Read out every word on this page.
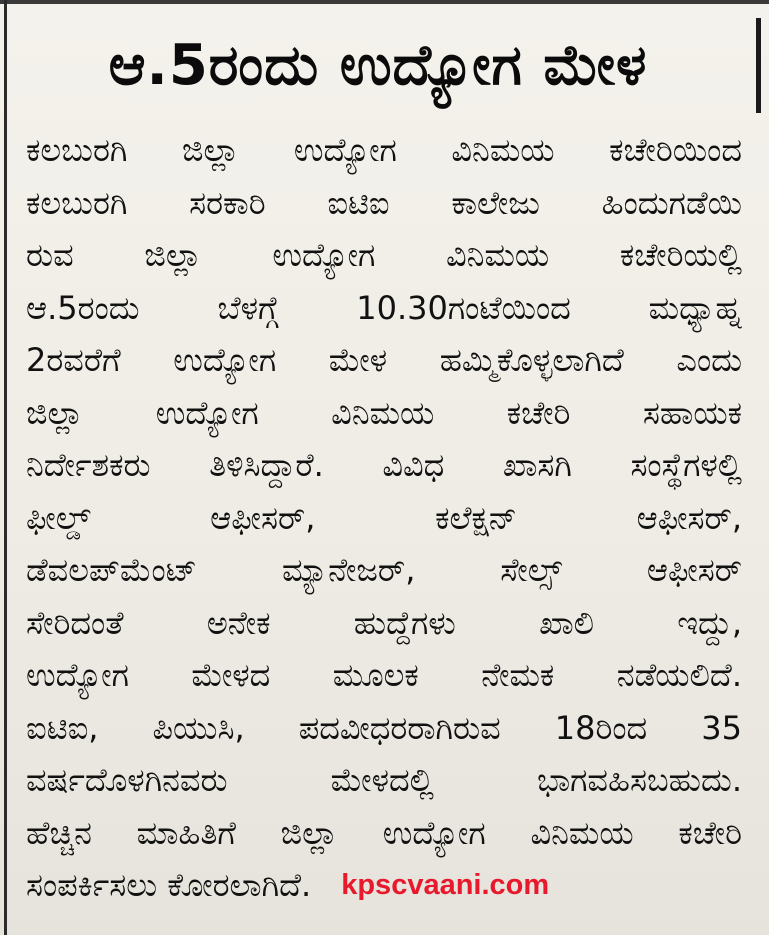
ಆ.5ರಂದು ಉದ್ಯೋಗ ಮೇಳ
ಕಲಬುರಗಿ ಜಿಲ್ಲಾ ಉದ್ಯೋಗ ವಿನಿಮಯ ಕಚೇರಿಯಿಂದ
ಕಲಬುರಗಿ ಸರಕಾರಿ ಐಟಿಐ ಕಾಲೇಜು ಹಿಂದುಗಡೆಯಿ
ರುವ ಜಿಲ್ಲಾ ಉದ್ಯೋಗ ವಿನಿಮಯ ಕಚೇರಿಯಲ್ಲಿ
ಆ.5ರಂದು ಬೆಳಗ್ಗೆ 10.30ಗಂಟೆಯಿಂದ ಮಧ್ಯಾಹ್ನ
2ರವರೆಗೆ ಉದ್ಯೋಗ ಮೇಳ ಹಮ್ಮಿಕೊಳ್ಳಲಾಗಿದೆ ಎಂದು
ಜಿಲ್ಲಾ ಉದ್ಯೋಗ ವಿನಿಮಯ ಕಚೇರಿ ಸಹಾಯಕ
ನಿರ್ದೇಶಕರು ತಿಳಿಸಿದ್ದಾರೆ. ವಿವಿಧ ಖಾಸಗಿ ಸಂಸ್ಥೆಗಳಲ್ಲಿ
ಫೀಲ್ಡ್ ಆಫೀಸರ್, ಕಲೆಕ್ಷನ್ ಆಫೀಸರ್,
ಡೆವಲಪ್‌ಮೆಂಟ್ ಮ್ಯಾನೇಜರ್, ಸೇಲ್ಸ್ ಆಫೀಸರ್
ಸೇರಿದಂತೆ ಅನೇಕ ಹುದ್ದೆಗಳು ಖಾಲಿ ಇದ್ದು,
ಉದ್ಯೋಗ ಮೇಳದ ಮೂಲಕ ನೇಮಕ ನಡೆಯಲಿದೆ.
ಐಟಿಐ, ಪಿಯುಸಿ, ಪದವೀಧರರಾಗಿರುವ 18ರಿಂದ 35
ವರ್ಷದೊಳಗಿನವರು ಮೇಳದಲ್ಲಿ ಭಾಗವಹಿಸಬಹುದು.
ಹೆಚ್ಚಿನ ಮಾಹಿತಿಗೆ ಜಿಲ್ಲಾ ಉದ್ಯೋಗ ವಿನಿಮಯ ಕಚೇರಿ
ಸಂಪರ್ಕಿಸಲು ಕೋರಲಾಗಿದೆ. kpscvaani.com
